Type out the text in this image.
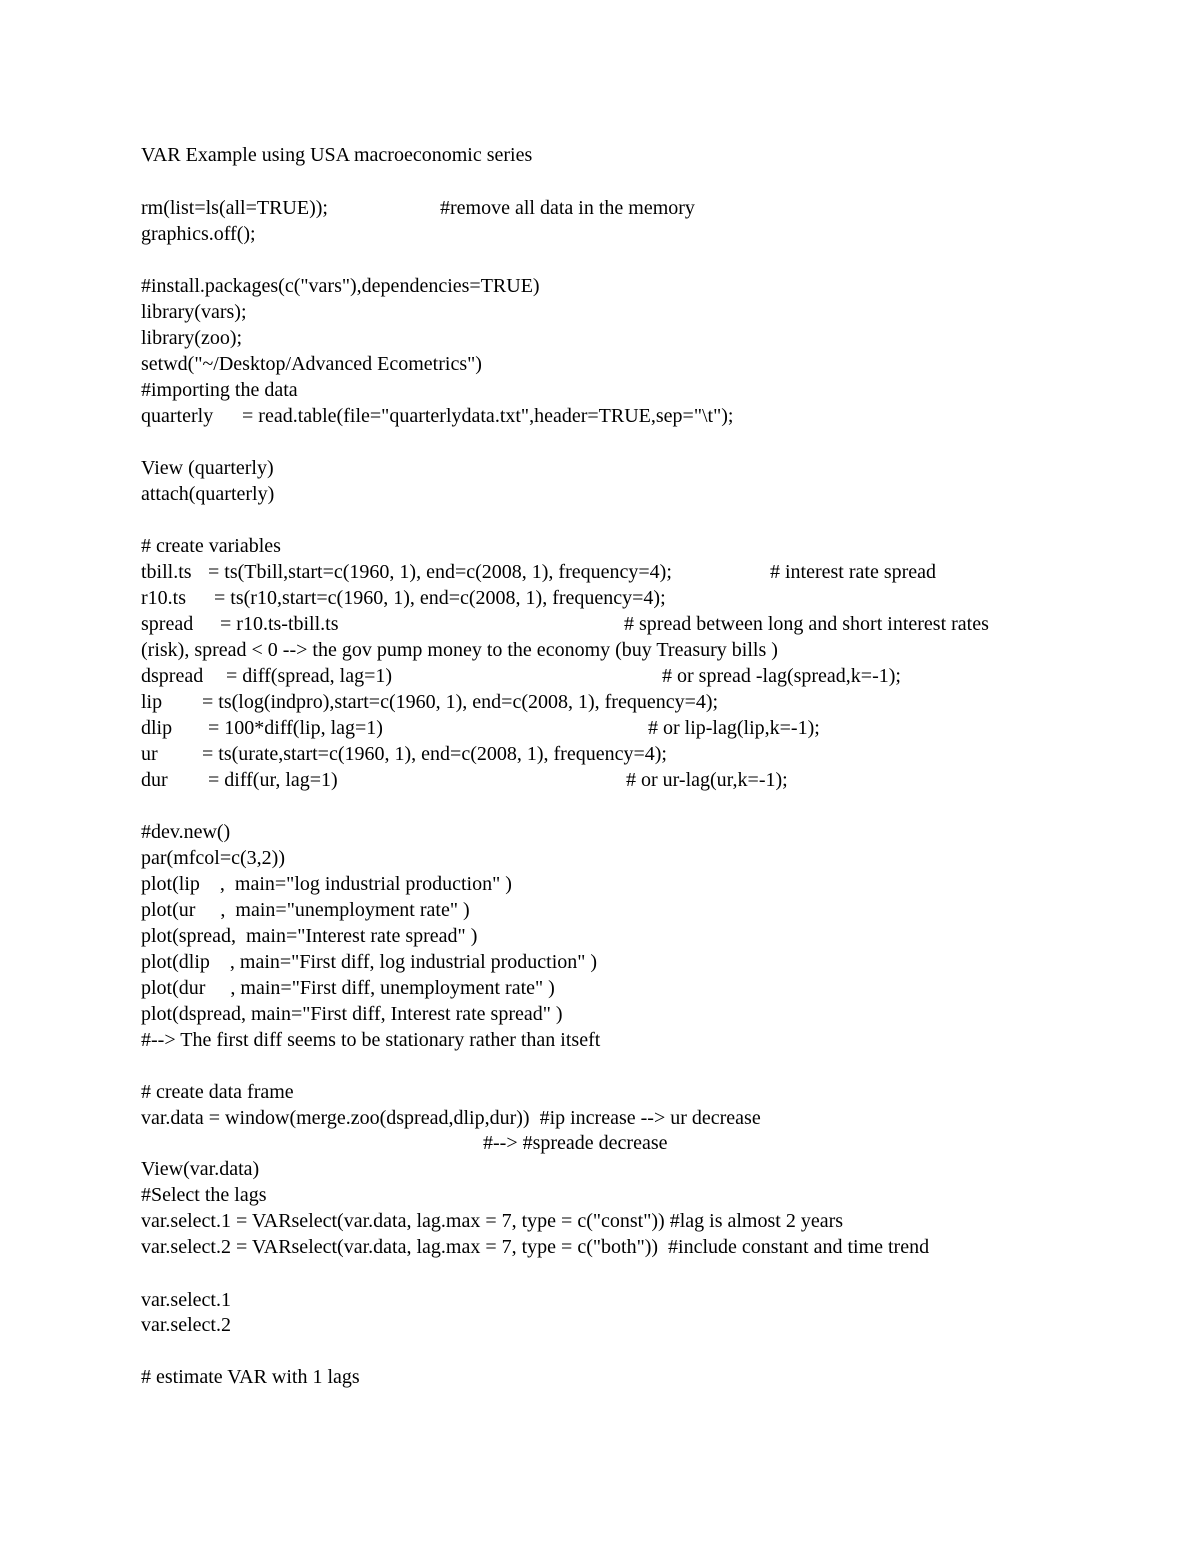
VAR Example using USA macroeconomic series

rm(list=ls(all=TRUE));

	#remove all data in the memory

graphics.off();
#install.packages(c("vars"),dependencies=TRUE)
library(vars);
library(zoo);
setwd("~/Desktop/Advanced Ecometrics")
#importing the data

quarterly

= read.table(file="quarterlydata.txt",header=TRUE,sep="\t");

View (quarterly)
attach(quarterly)
# create variables

tbill.ts

= ts(Tbill,start=c(1960, 1), end=c(2008, 1), frequency=4);

	# interest rate spread

r10.ts

= ts(r10,start=c(1960, 1), end=c(2008, 1), frequency=4);

spread

= r10.ts-tbill.ts

	# spread between long and short interest rates

(risk), spread < 0 --> the gov pump money to the economy (buy Treasury bills )

dspread

= diff(spread, lag=1)

	# or spread -lag(spread,k=-1);

lip

= ts(log(indpro),start=c(1960, 1), end=c(2008, 1), frequency=4);

dlip

= 100*diff(lip, lag=1)

	# or lip-lag(lip,k=-1);

ur

= ts(urate,start=c(1960, 1), end=c(2008, 1), frequency=4);

dur

= diff(ur, lag=1)

	# or ur-lag(ur,k=-1);

#dev.new()
par(mfcol=c(3,2))
plot(lip    ,  main="log industrial production" )
plot(ur     ,  main="unemployment rate" )
plot(spread,  main="Interest rate spread" )
plot(dlip    , main="First diff, log industrial production" )
plot(dur     , main="First diff, unemployment rate" )
plot(dspread, main="First diff, Interest rate spread" )
#--> The first diff seems to be stationary rather than itseft
# create data frame
var.data = window(merge.zoo(dspread,dlip,dur))  #ip increase --> ur decrease
#--> #spreade decrease
View(var.data)
#Select the lags
var.select.1 = VARselect(var.data, lag.max = 7, type = c("const")) #lag is almost 2 years
var.select.2 = VARselect(var.data, lag.max = 7, type = c("both"))  #include constant and time trend
var.select.1
var.select.2
# estimate VAR with 1 lags
